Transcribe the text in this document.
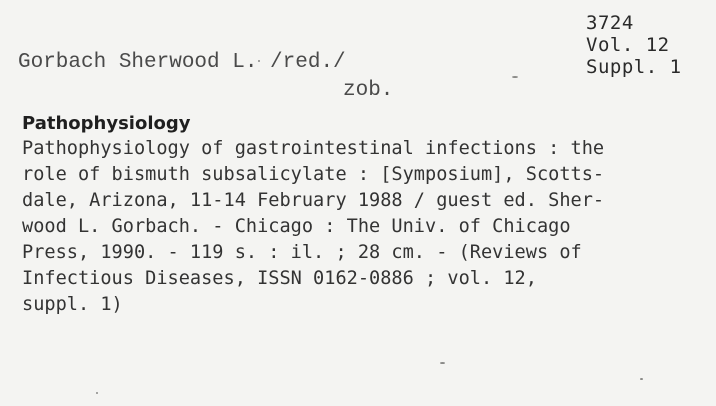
3724
Vol. 12
Suppl. 1
Gorbach Sherwood L. /red./
zob.
Pathophysiology
Pathophysiology of gastrointestinal infections : the
role of bismuth subsalicylate : [Symposium], Scotts-
dale, Arizona, 11-14 February 1988 / guest ed. Sher-
wood L. Gorbach. - Chicago : The Univ. of Chicago
Press, 1990. - 119 s. : il. ; 28 cm. - (Reviews of
Infectious Diseases, ISSN 0162-0886 ; vol. 12,
suppl. 1)
